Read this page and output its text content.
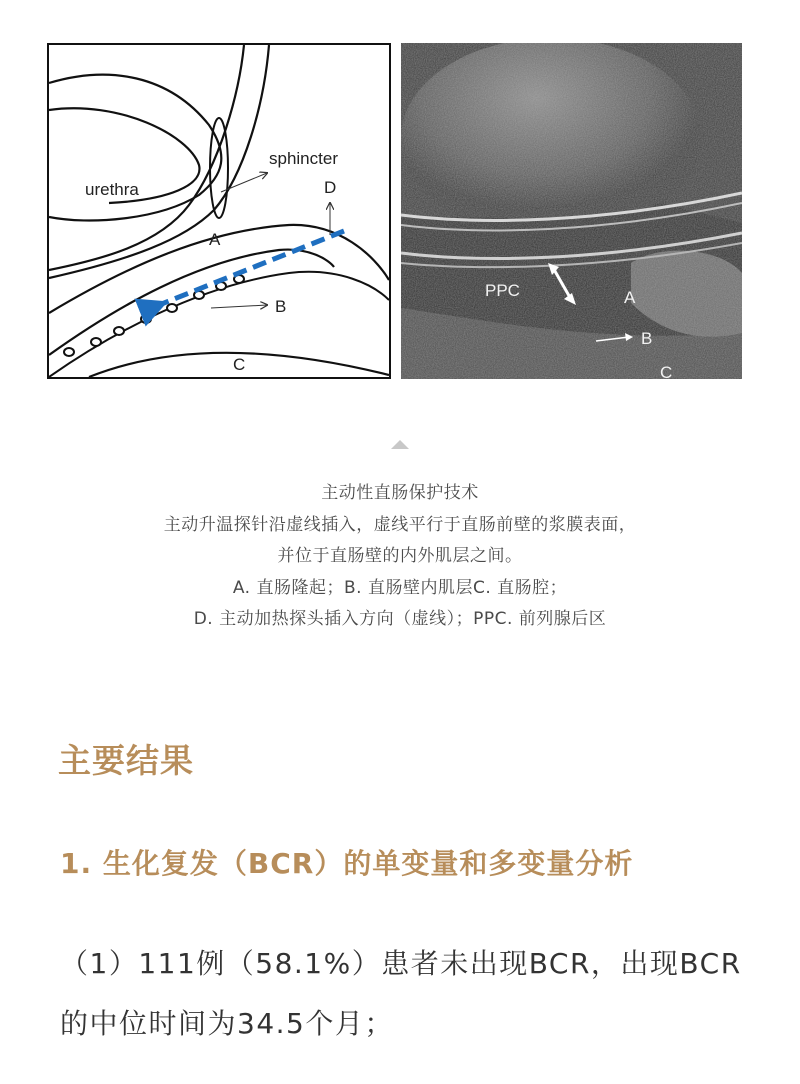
urethra
sphincter
D
A
B
C
PPC	A
B
C
主动性直肠保护技术
主动升温探针沿虚线插入，虚线平行于直肠前壁的浆膜表面，
并位于直肠壁的内外肌层之间。
A. 直肠隆起；B. 直肠壁内肌层C. 直肠腔；
D. 主动加热探头插入方向（虚线）；PPC. 前列腺后区
主要结果
1. 生化复发（BCR）的单变量和多变量分析
（1）111例（58.1%）患者未出现BCR，出现BCR的中位时间为34.5个月；
